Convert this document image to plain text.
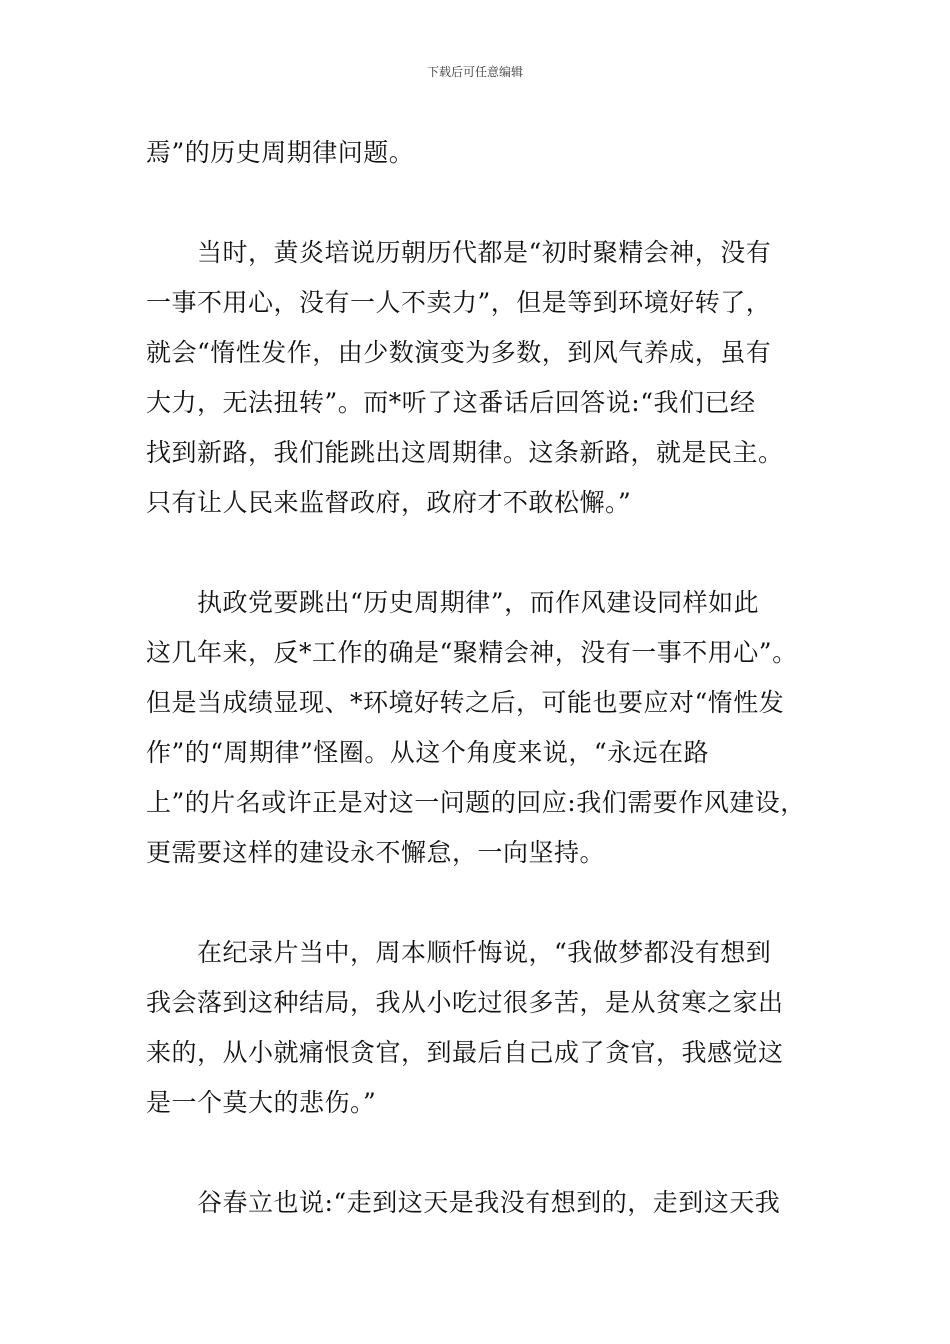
下载后可任意编辑
焉”的历史周期律问题。
　　当时，黄炎培说历朝历代都是“初时聚精会神，没有
一事不用心，没有一人不卖力”，但是等到环境好转了，
就会“惰性发作，由少数演变为多数，到风气养成，虽有
大力，无法扭转”。而*听了这番话后回答说:“我们已经
找到新路，我们能跳出这周期律。这条新路，就是民主。
只有让人民来监督政府，政府才不敢松懈。”
　　执政党要跳出“历史周期律”，而作风建设同样如此
这几年来，反*工作的确是“聚精会神，没有一事不用心”。
但是当成绩显现、*环境好转之后，可能也要应对“惰性发
作”的“周期律”怪圈。从这个角度来说，“永远在路
上”的片名或许正是对这一问题的回应:我们需要作风建设，
更需要这样的建设永不懈怠，一向坚持。
　　在纪录片当中，周本顺忏悔说，“我做梦都没有想到
我会落到这种结局，我从小吃过很多苦，是从贫寒之家出
来的，从小就痛恨贪官，到最后自己成了贪官，我感觉这
是一个莫大的悲伤。”
　　谷春立也说:“走到这天是我没有想到的，走到这天我
